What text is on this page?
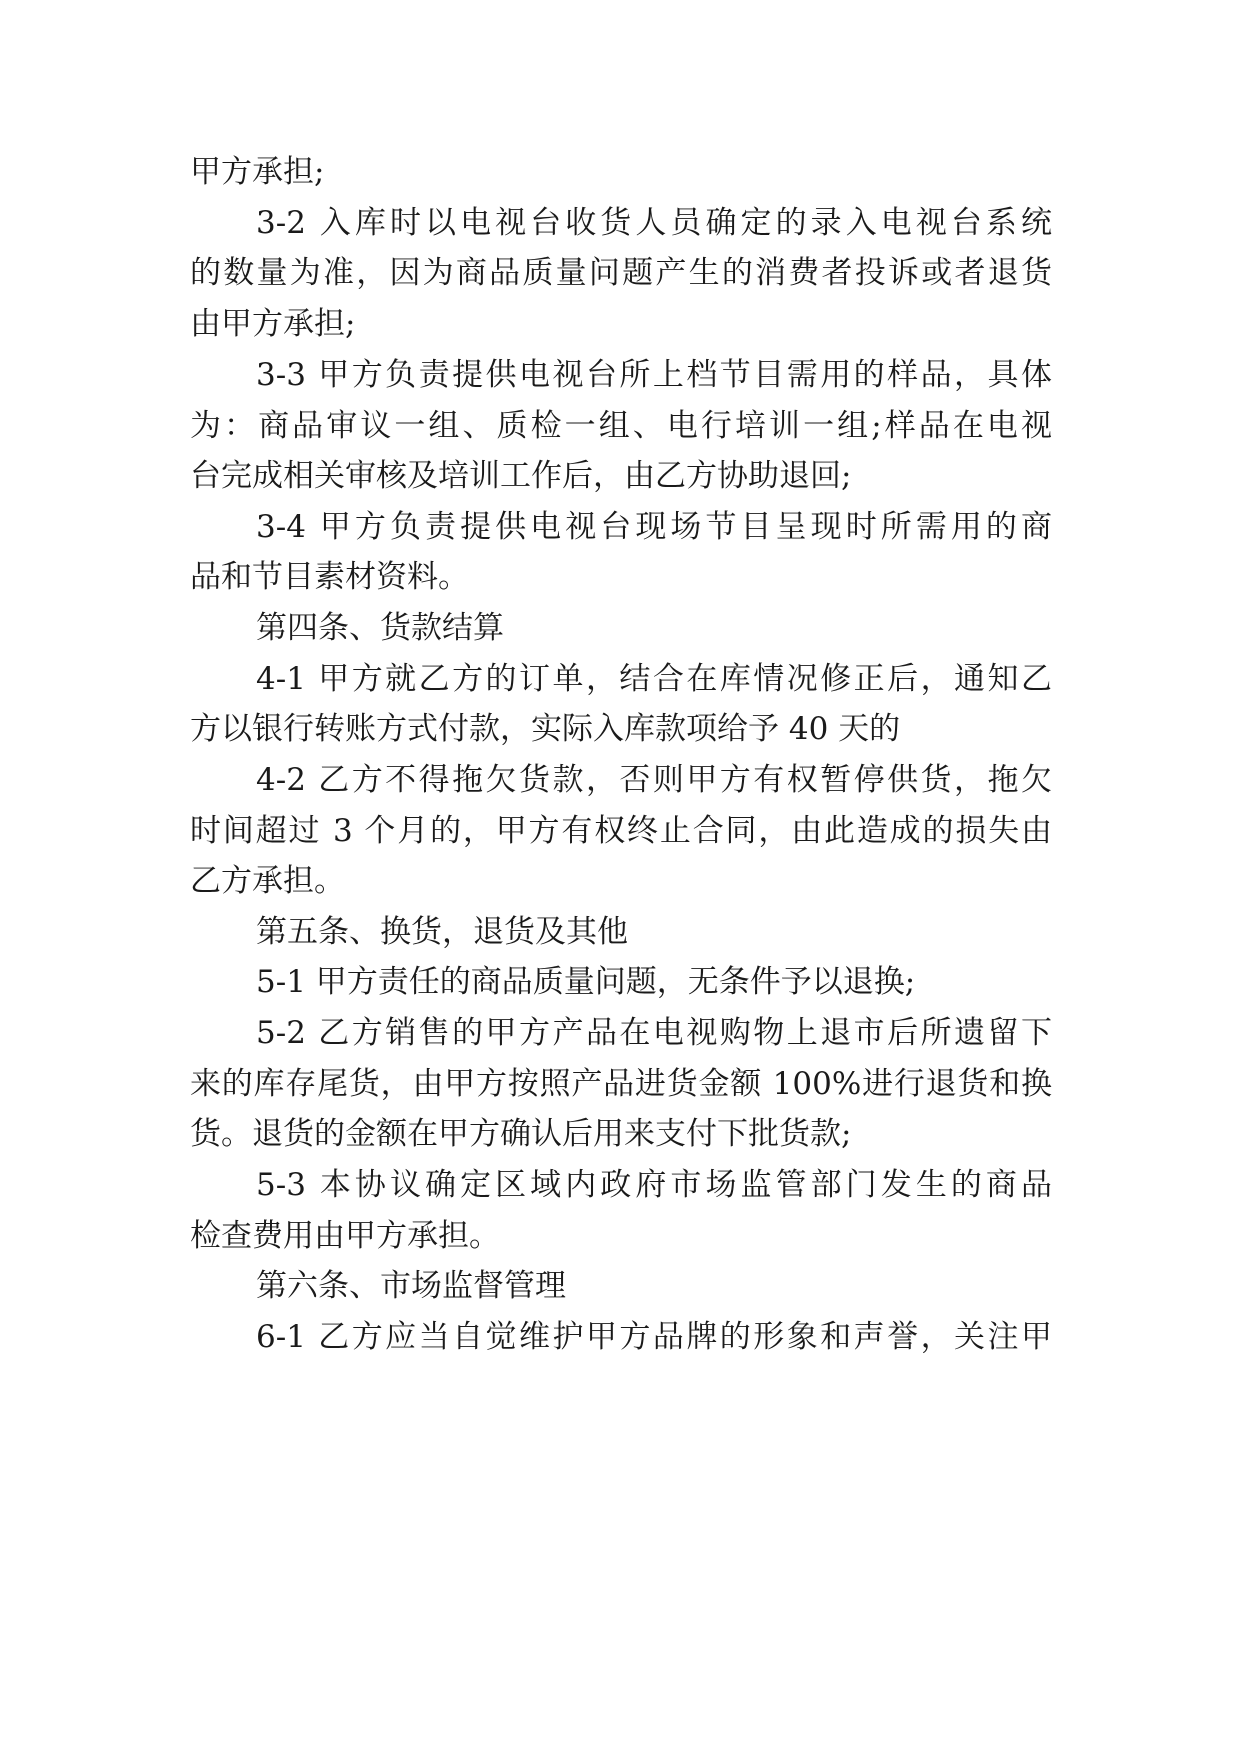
甲方承担;
3-2 入库时以电视台收货人员确定的录入电视台系统
的数量为准，因为商品质量问题产生的消费者投诉或者退货
由甲方承担;
3-3 甲方负责提供电视台所上档节目需用的样品，具体
为：商品审议一组、质检一组、电行培训一组;样品在电视
台完成相关审核及培训工作后，由乙方协助退回;
3-4 甲方负责提供电视台现场节目呈现时所需用的商
品和节目素材资料。
第四条、货款结算
4-1 甲方就乙方的订单，结合在库情况修正后，通知乙
方以银行转账方式付款，实际入库款项给予 40 天的
4-2 乙方不得拖欠货款，否则甲方有权暂停供货，拖欠
时间超过 3 个月的，甲方有权终止合同，由此造成的损失由
乙方承担。
第五条、换货，退货及其他
5-1 甲方责任的商品质量问题，无条件予以退换;
5-2 乙方销售的甲方产品在电视购物上退市后所遗留下
来的库存尾货，由甲方按照产品进货金额 100%进行退货和换
货。退货的金额在甲方确认后用来支付下批货款;
5-3 本协议确定区域内政府市场监管部门发生的商品
检查费用由甲方承担。
第六条、市场监督管理
6-1 乙方应当自觉维护甲方品牌的形象和声誉，关注甲
